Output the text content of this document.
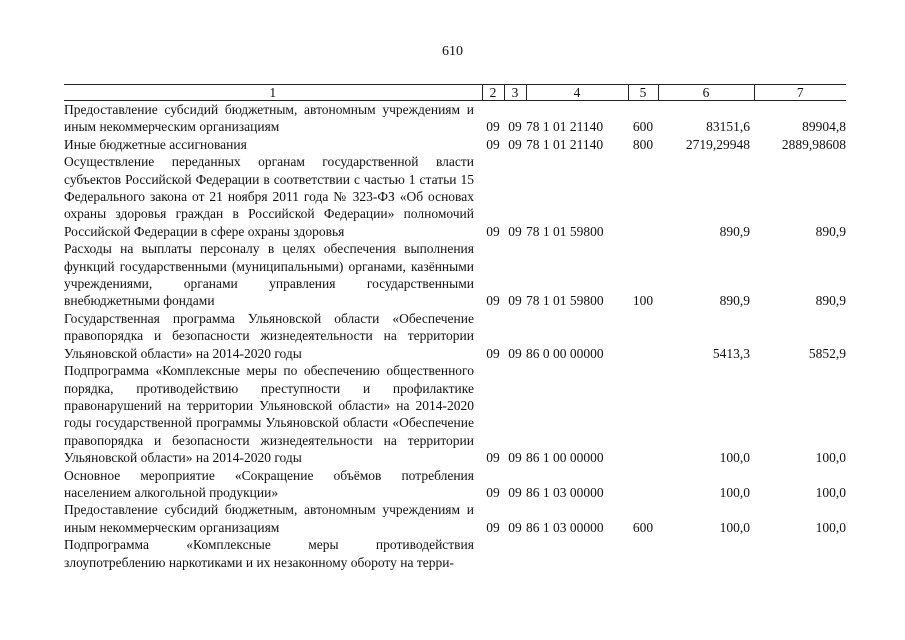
610
1	2	3	4	5	6	7
Предоставление субсидий бюджетным, автономным учреждениям и иным некоммерческим организациям	09	09	78 1 01 21140	600	83151,6	89904,8
Иные бюджетные ассигнования	09	09	78 1 01 21140	800	2719,29948	2889,98608
Осуществление переданных органам государственной власти субъектов Российской Федерации в соответствии с частью 1 статьи 15 Федерального закона от 21 ноября 2011 года № 323-ФЗ «Об основах охраны здоровья граждан в Российской Федерации» полномочий Российской Федерации в сфере охраны здоровья	09	09	78 1 01 59800		890,9	890,9
Расходы на выплаты персоналу в целях обеспечения выполнения функций государственными (муниципальными) органами, казёнными учреждениями, органами управления государственными внебюджетными фондами	09	09	78 1 01 59800	100	890,9	890,9
Государственная программа Ульяновской области «Обеспечение правопорядка и безопасности жизнедеятельности на территории Ульяновской области» на 2014-2020 годы	09	09	86 0 00 00000		5413,3	5852,9
Подпрограмма «Комплексные меры по обеспечению общественного порядка, противодействию преступности и профилактике правонарушений на территории Ульяновской области» на 2014-2020 годы государственной программы Ульяновской области «Обеспечение правопорядка и безопасности жизнедеятельности на территории Ульяновской области» на 2014-2020 годы	09	09	86 1 00 00000		100,0	100,0
Основное мероприятие «Сокращение объёмов потребления населением алкогольной продукции»	09	09	86 1 03 00000		100,0	100,0
Предоставление субсидий бюджетным, автономным учреждениям и иным некоммерческим организациям	09	09	86 1 03 00000	600	100,0	100,0
Подпрограмма «Комплексные меры противодействия злоупотреблению наркотиками и их незаконному обороту на терри-						
